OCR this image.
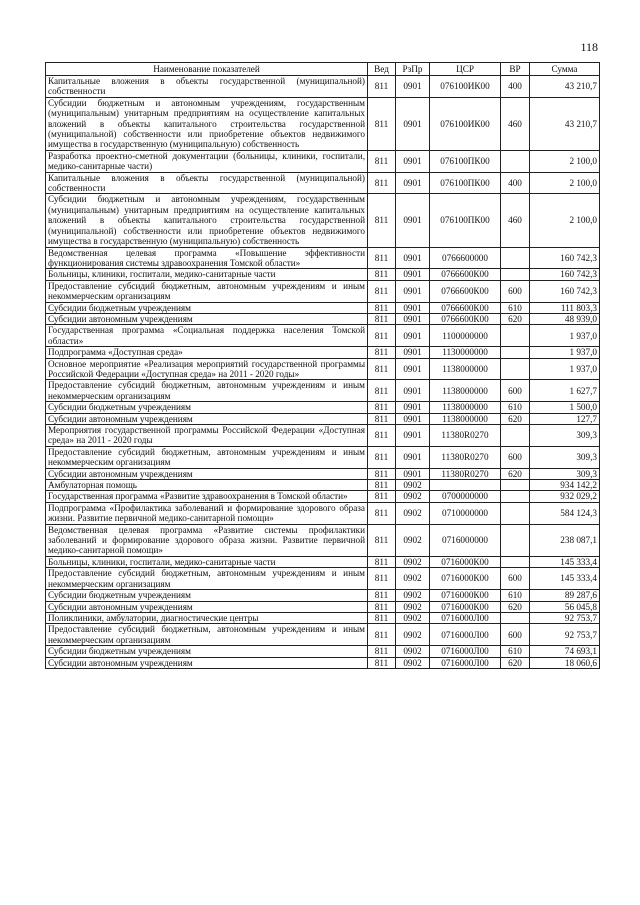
118
Наименование показателей	Вед	РзПр	ЦСР	ВР	Сумма
Капитальные вложения в объекты государственной (муниципальной) собственности	811	0901	076100ИК00	400	43 210,7
Субсидии бюджетным и автономным учреждениям, государственным (муниципальным) унитарным предприятиям на осуществление капитальных вложений в объекты капитального строительства государственной (муниципальной) собственности или приобретение объектов недвижимого имущества в государственную (муниципальную) собственность	811	0901	076100ИК00	460	43 210,7
Разработка проектно-сметной документации (больницы, клиники, госпитали, медико-санитарные части)	811	0901	076100ПК00		2 100,0
Капитальные вложения в объекты государственной (муниципальной) собственности	811	0901	076100ПК00	400	2 100,0
Субсидии бюджетным и автономным учреждениям, государственным (муниципальным) унитарным предприятиям на осуществление капитальных вложений в объекты капитального строительства государственной (муниципальной) собственности или приобретение объектов недвижимого имущества в государственную (муниципальную) собственность	811	0901	076100ПК00	460	2 100,0
Ведомственная целевая программа «Повышение эффективности функционирования системы здравоохранения Томской области»	811	0901	0766600000		160 742,3
Больницы, клиники, госпитали, медико-санитарные части	811	0901	0766600К00		160 742,3
Предоставление субсидий бюджетным, автономным учреждениям и иным некоммерческим организациям	811	0901	0766600К00	600	160 742,3
Субсидии бюджетным учреждениям	811	0901	0766600К00	610	111 803,3
Субсидии автономным учреждениям	811	0901	0766600К00	620	48 939,0
Государственная программа «Социальная поддержка населения Томской области»	811	0901	1100000000		1 937,0
Подпрограмма «Доступная среда»	811	0901	1130000000		1 937,0
Основное мероприятие «Реализация мероприятий государственной программы Российской Федерации «Доступная среда» на 2011 - 2020 годы»	811	0901	1138000000		1 937,0
Предоставление субсидий бюджетным, автономным учреждениям и иным некоммерческим организациям	811	0901	1138000000	600	1 627,7
Субсидии бюджетным учреждениям	811	0901	1138000000	610	1 500,0
Субсидии автономным учреждениям	811	0901	1138000000	620	127,7
Мероприятия государственной программы Российской Федерации «Доступная среда» на 2011 - 2020 годы	811	0901	11380R0270		309,3
Предоставление субсидий бюджетным, автономным учреждениям и иным некоммерческим организациям	811	0901	11380R0270	600	309,3
Субсидии автономным учреждениям	811	0901	11380R0270	620	309,3
Амбулаторная помощь	811	0902			934 142,2
Государственная программа «Развитие здравоохранения в Томской области»	811	0902	0700000000		932 029,2
Подпрограмма «Профилактика заболеваний и формирование здорового образа жизни. Развитие первичной медико-санитарной помощи»	811	0902	0710000000		584 124,3
Ведомственная целевая программа «Развитие системы профилактики заболеваний и формирование здорового образа жизни. Развитие первичной медико-санитарной помощи»	811	0902	0716000000		238 087,1
Больницы, клиники, госпитали, медико-санитарные части	811	0902	0716000К00		145 333,4
Предоставление субсидий бюджетным, автономным учреждениям и иным некоммерческим организациям	811	0902	0716000К00	600	145 333,4
Субсидии бюджетным учреждениям	811	0902	0716000К00	610	89 287,6
Субсидии автономным учреждениям	811	0902	0716000К00	620	56 045,8
Поликлиники, амбулатории, диагностические центры	811	0902	0716000Л00		92 753,7
Предоставление субсидий бюджетным, автономным учреждениям и иным некоммерческим организациям	811	0902	0716000Л00	600	92 753,7
Субсидии бюджетным учреждениям	811	0902	0716000Л00	610	74 693,1
Субсидии автономным учреждениям	811	0902	0716000Л00	620	18 060,6
